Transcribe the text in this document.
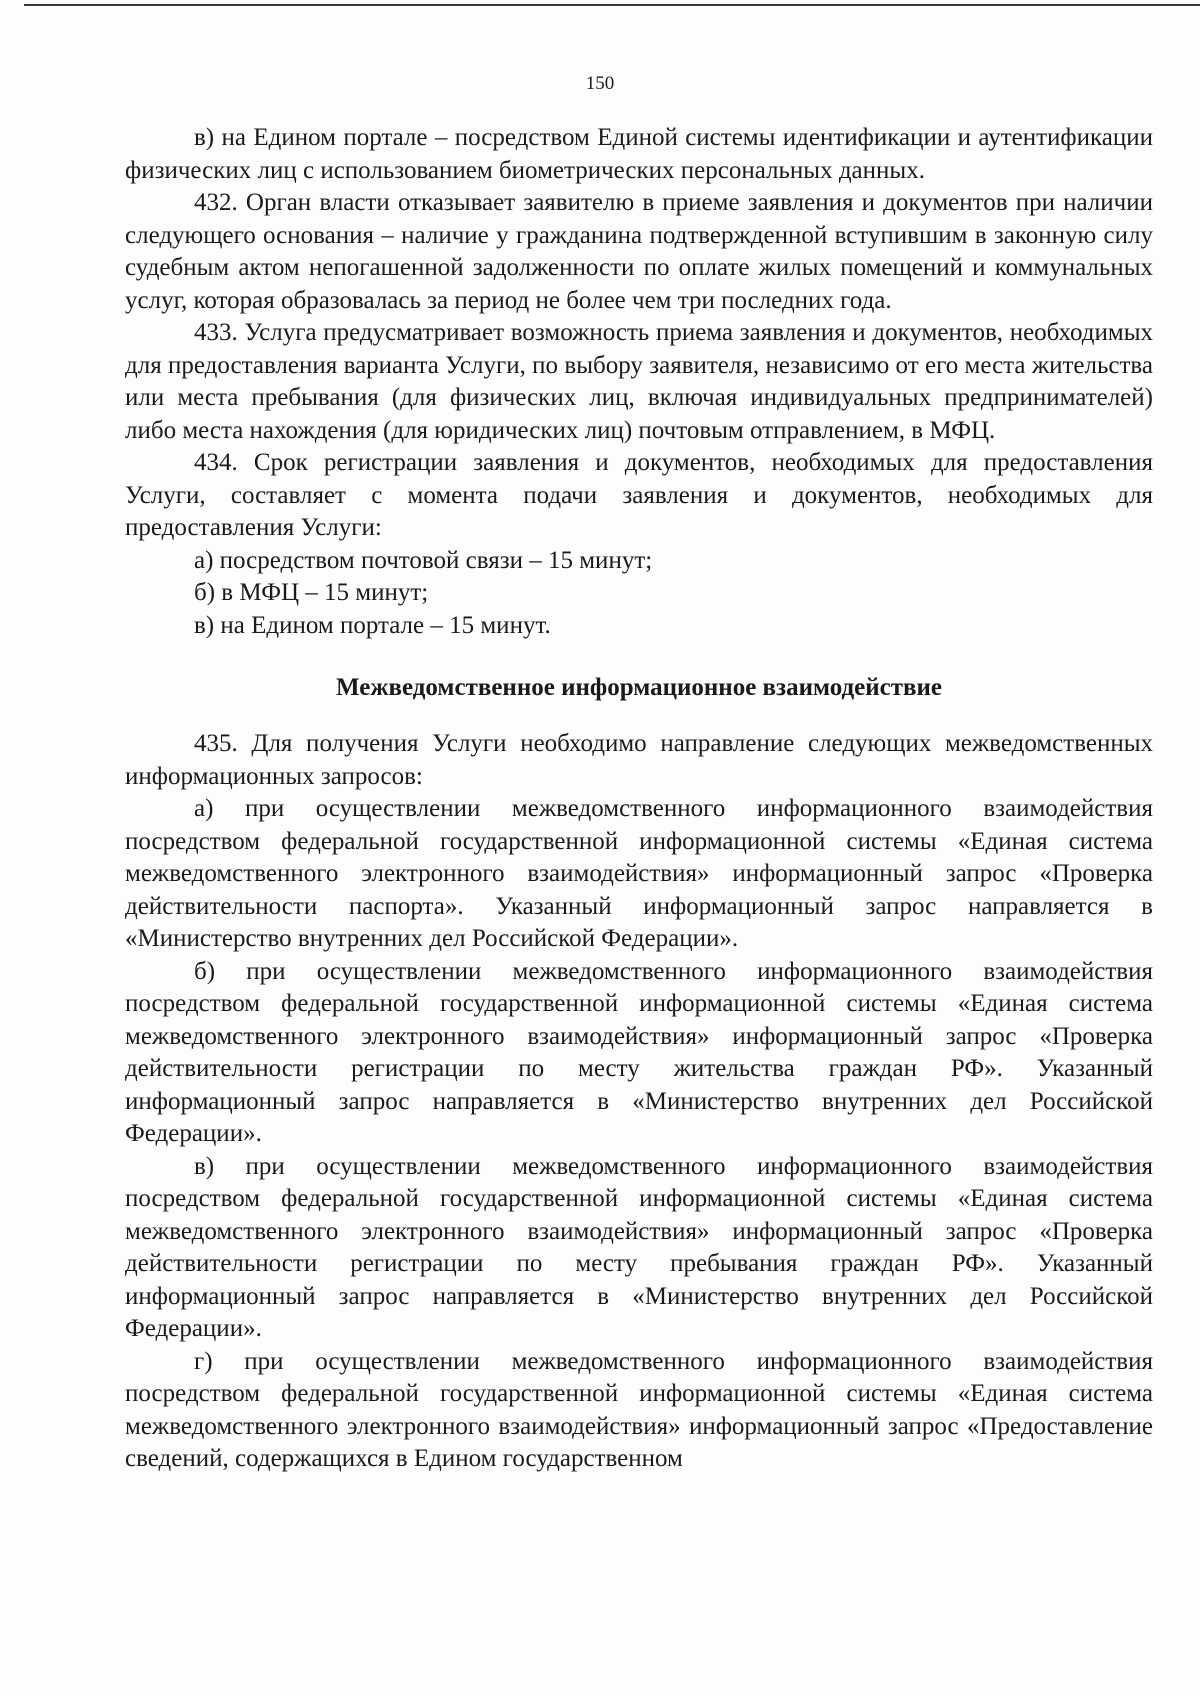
150

в) на Едином портале – посредством Единой системы идентификации и аутентификации физических лиц с использованием биометрических персональных данных.

432. Орган власти отказывает заявителю в приеме заявления и документов при наличии следующего основания – наличие у гражданина подтвержденной вступившим в законную силу судебным актом непогашенной задолженности по оплате жилых помещений и коммунальных услуг, которая образовалась за период не более чем три последних года.

433. Услуга предусматривает возможность приема заявления и документов, необходимых для предоставления варианта Услуги, по выбору заявителя, независимо от его места жительства или места пребывания (для физических лиц, включая индивидуальных предпринимателей) либо места нахождения (для юридических лиц) почтовым отправлением, в МФЦ.

434. Срок регистрации заявления и документов, необходимых для предоставления Услуги, составляет с момента подачи заявления и документов, необходимых для предоставления Услуги:

а) посредством почтовой связи – 15 минут;

б) в МФЦ – 15 минут;

в) на Едином портале – 15 минут.

Межведомственное информационное взаимодействие

435. Для получения Услуги необходимо направление следующих межведомственных информационных запросов:

а) при осуществлении межведомственного информационного взаимодействия посредством федеральной государственной информационной системы «Единая система межведомственного электронного взаимодействия» информационный запрос «Проверка действительности паспорта». Указанный информационный запрос направляется в «Министерство внутренних дел Российской Федерации».

б) при осуществлении межведомственного информационного взаимодействия посредством федеральной государственной информационной системы «Единая система межведомственного электронного взаимодействия» информационный запрос «Проверка действительности регистрации по месту жительства граждан РФ». Указанный информационный запрос направляется в «Министерство внутренних дел Российской Федерации».

в) при осуществлении межведомственного информационного взаимодействия посредством федеральной государственной информационной системы «Единая система межведомственного электронного взаимодействия» информационный запрос «Проверка действительности регистрации по месту пребывания граждан РФ». Указанный информационный запрос направляется в «Министерство внутренних дел Российской Федерации».

г) при осуществлении межведомственного информационного взаимодействия посредством федеральной государственной информационной системы «Единая система межведомственного электронного взаимодействия» информационный запрос «Предоставление сведений, содержащихся в Едином государственном
